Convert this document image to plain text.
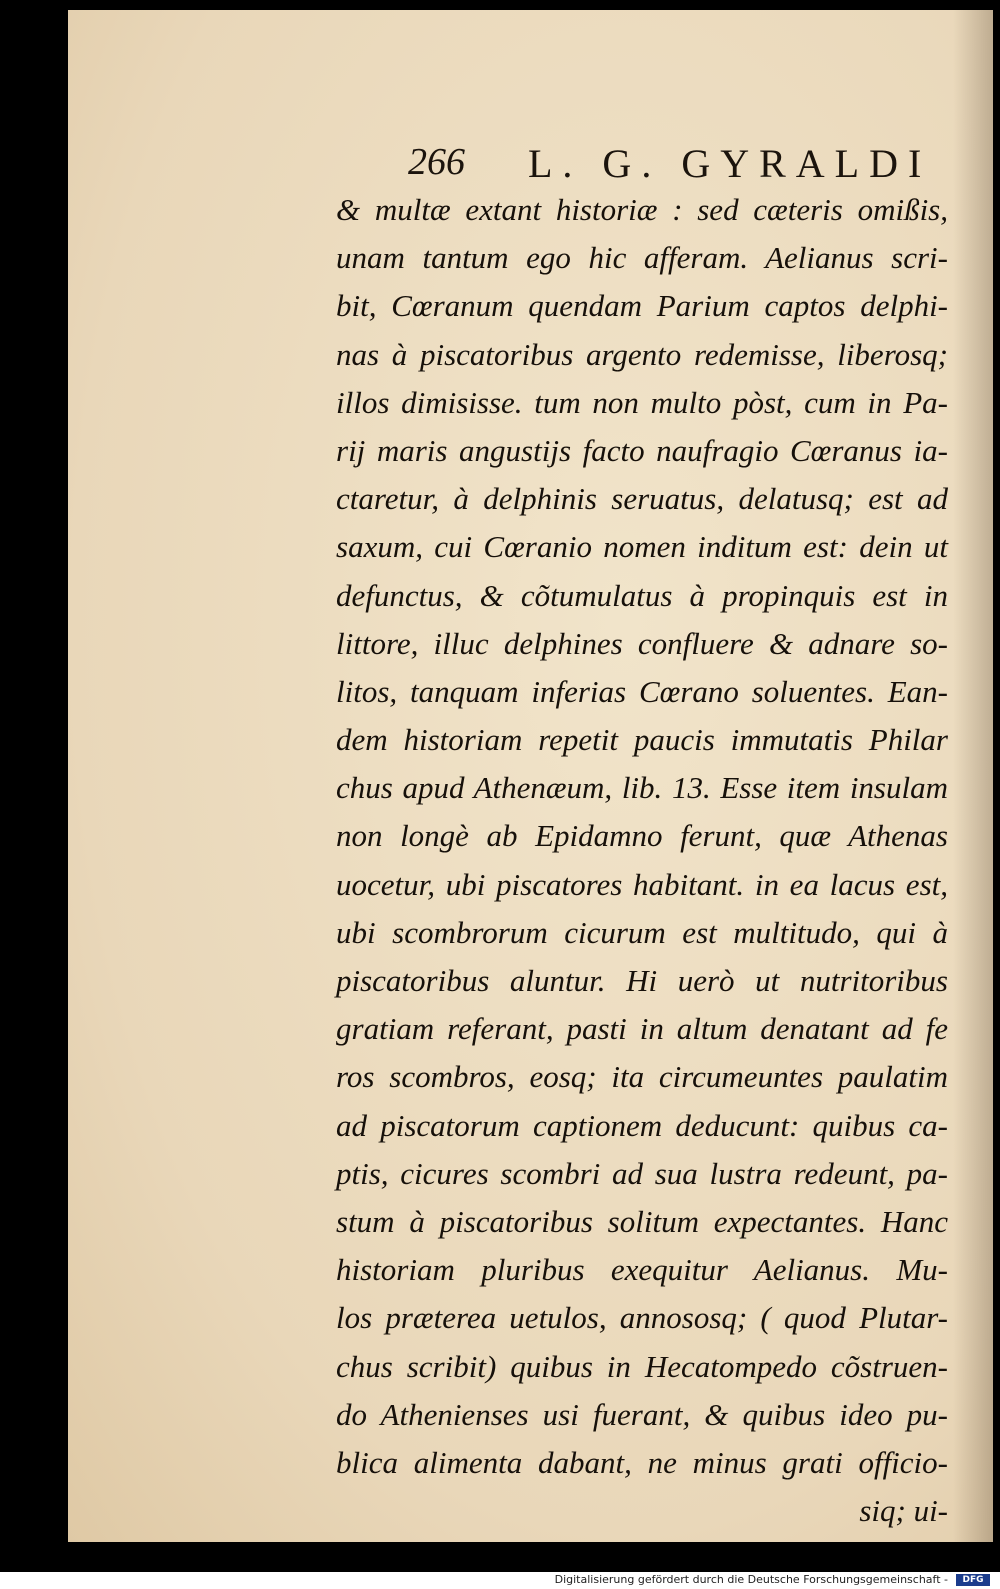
266 L. G. GYRALDI
& multæ extant historiæ : sed cæteris omißis,
unam tantum ego hic afferam. Aelianus scri-
bit, Cœranum quendam Parium captos delphi-
nas à piscatoribus argento redemisse, liberosq;
illos dimisisse. tum non multo pòst, cum in Pa-
rij maris angustijs facto naufragio Cœranus ia-
ctaretur, à delphinis seruatus, delatusq; est ad
saxum, cui Cœranio nomen inditum est: dein ut
defunctus, & cõtumulatus à propinquis est in
littore, illuc delphines confluere & adnare so-
litos, tanquam inferias Cœrano soluentes. Ean-
dem historiam repetit paucis immutatis Philar
chus apud Athenæum, lib. 13. Esse item insulam
non longè ab Epidamno ferunt, quæ Athenas
uocetur, ubi piscatores habitant. in ea lacus est,
ubi scombrorum cicurum est multitudo, qui à
piscatoribus aluntur. Hi uerò ut nutritoribus
gratiam referant, pasti in altum denatant ad fe
ros scombros, eosq; ita circumeuntes paulatim
ad piscatorum captionem deducunt: quibus ca-
ptis, cicures scombri ad sua lustra redeunt, pa-
stum à piscatoribus solitum expectantes. Hanc
historiam pluribus exequitur Aelianus. Mu-
los præterea uetulos, annososq; ( quod Plutar-
chus scribit) quibus in Hecatompedo cõstruen-
do Athenienses usi fuerant, & quibus ideo pu-
blica alimenta dabant, ne minus grati officio-
siq; ui-
Digitalisierung gefördert durch die Deutsche Forschungsgemeinschaft -	DFG
